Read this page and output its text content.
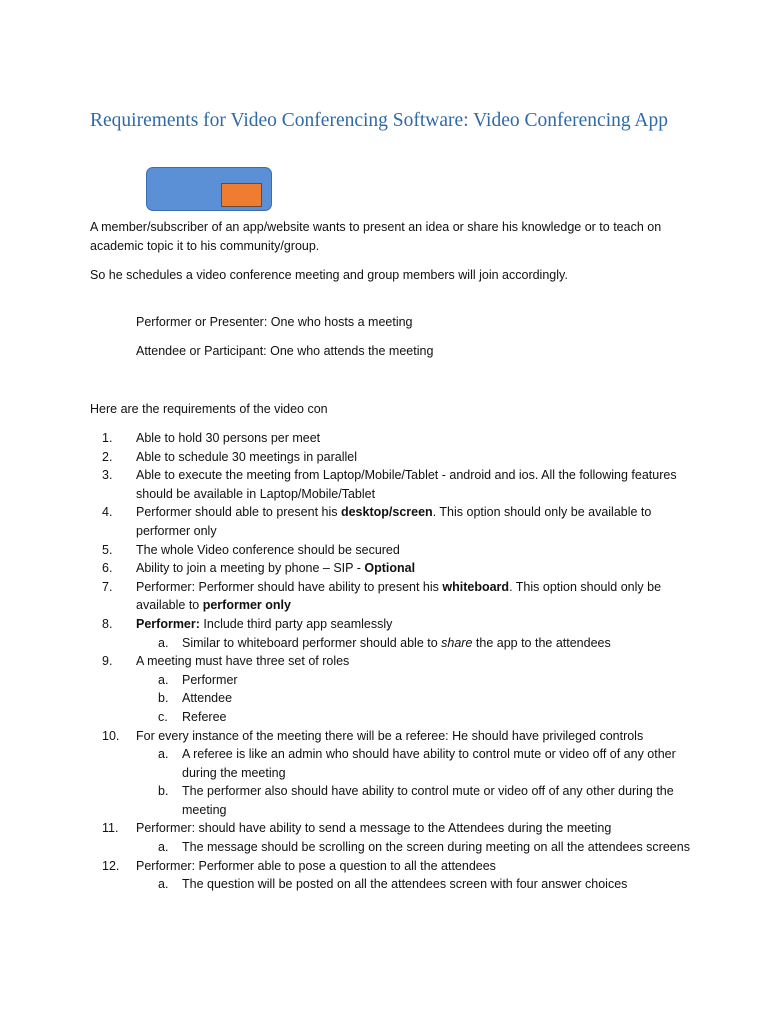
Requirements for Video Conferencing Software: Video Conferencing App

A member/subscriber of an app/website wants to present an idea or share his knowledge or to teach on academic topic it to his community/group.

So he schedules a video conference meeting and group members will join accordingly.

Performer or Presenter: One who hosts a meeting

Attendee or Participant: One who attends the meeting

Here are the requirements of the video con

1.	Able to hold 30 persons per meet
2.	Able to schedule 30 meetings in parallel
3.	Able to execute the meeting from Laptop/Mobile/Tablet - android and ios. All the following features should be available in Laptop/Mobile/Tablet
4.	Performer should able to present his desktop/screen. This option should only be available to performer only
5.	The whole Video conference should be secured
6.	Ability to join a meeting by phone – SIP - Optional
7.	Performer: Performer should have ability to present his whiteboard. This option should only be available to performer only
8.	Performer: Include third party app seamlessly
a. Similar to whiteboard performer should able to share the app to the attendees
9.	A meeting must have three set of roles
a. Performer
b. Attendee
c. Referee
10.	For every instance of the meeting there will be a referee: He should have privileged controls
a. A referee is like an admin who should have ability to control mute or video off of any other during the meeting
b. The performer also should have ability to control mute or video off of any other during the meeting
11.	Performer: should have ability to send a message to the Attendees during the meeting
a. The message should be scrolling on the screen during meeting on all the attendees screens
12.	Performer: Performer able to pose a question to all the attendees
a. The question will be posted on all the attendees screen with four answer choices
